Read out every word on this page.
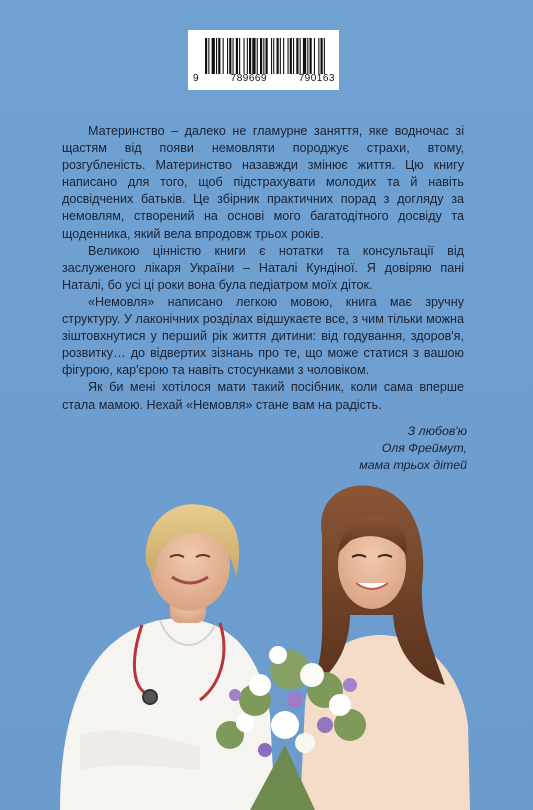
9	789669	790163

Материнство – далеко не гламурне заняття, яке водночас зі щастям від появи немовляти породжує страхи, втому, розгубленість. Материнство назавжди змінює життя. Цю книгу написано для того, щоб підстрахувати молодих та й навіть досвідчених батьків. Це збірник практичних порад з догляду за немовлям, створений на основі мого багатодітного досвіду та щоденника, який вела впродовж трьох років.

Великою цінністю книги є нотатки та консультації від заслуженого лікаря України – Наталі Кундіної. Я довіряю пані Наталі, бо усі ці роки вона була педіатром моїх діток.

«Немовля» написано легкою мовою, книга має зручну структуру. У лаконічних розділах відшукаєте все, з чим тільки можна зіштовхнутися у перший рік життя дитини: від годування, здоров'я, розвитку… до відвертих зізнань про те, що може статися з вашою фігурою, кар'єрою та навіть стосунками з чоловіком.

Як би мені хотілося мати такий посібник, коли сама вперше стала мамою. Нехай «Немовля» стане вам на радість.

З любов'ю
Оля Фреймут,
мама трьох дітей
